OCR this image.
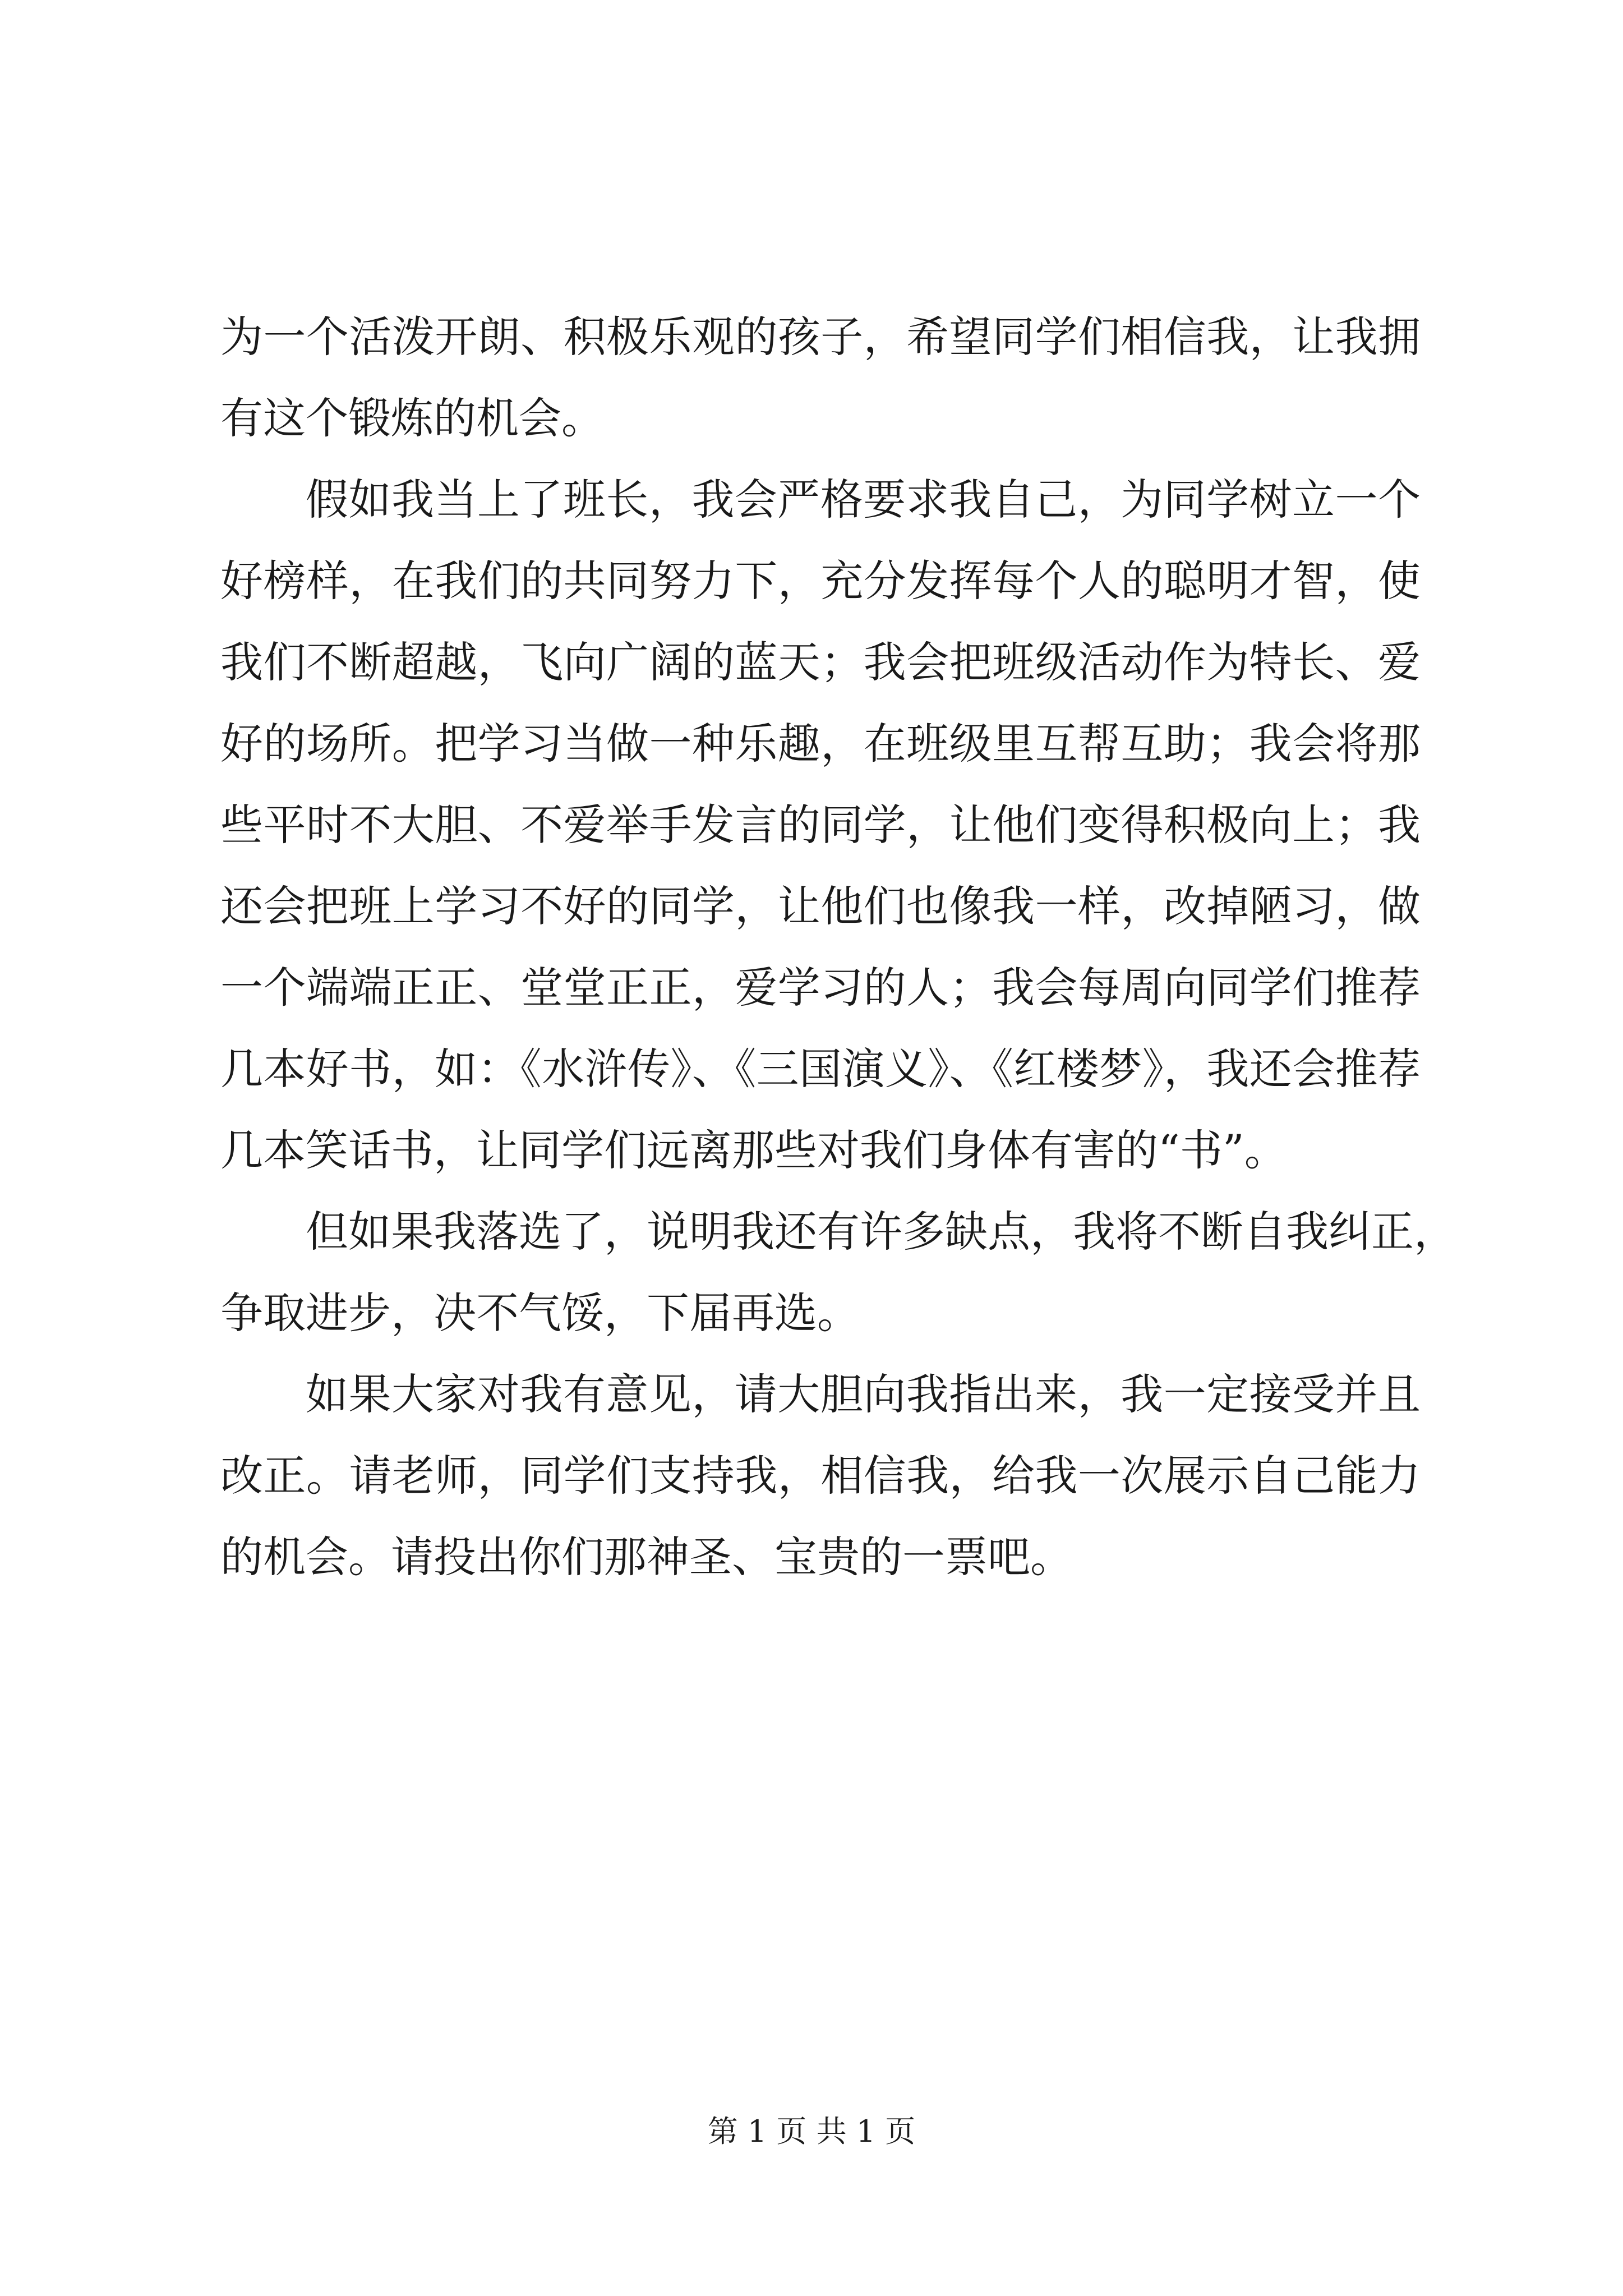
为一个活泼开朗、积极乐观的孩子，希望同学们相信我，让我拥
有这个锻炼的机会。
假如我当上了班长，我会严格要求我自己，为同学树立一个
好榜样，在我们的共同努力下，充分发挥每个人的聪明才智，使
我们不断超越，飞向广阔的蓝天；我会把班级活动作为特长、爱
好的场所。把学习当做一种乐趣，在班级里互帮互助；我会将那
些平时不大胆、不爱举手发言的同学，让他们变得积极向上；我
还会把班上学习不好的同学，让他们也像我一样，改掉陋习，做
一个端端正正、堂堂正正，爱学习的人；我会每周向同学们推荐
几本好书，如：《水浒传》、《三国演义》、《红楼梦》，我还会推荐
几本笑话书，让同学们远离那些对我们身体有害的“书”。
但如果我落选了，说明我还有许多缺点，我将不断自我纠正，
争取进步，决不气馁，下届再选。
如果大家对我有意见，请大胆向我指出来，我一定接受并且
改正。请老师，同学们支持我，相信我，给我一次展示自己能力
的机会。请投出你们那神圣、宝贵的一票吧。
第 1 页 共 1 页
